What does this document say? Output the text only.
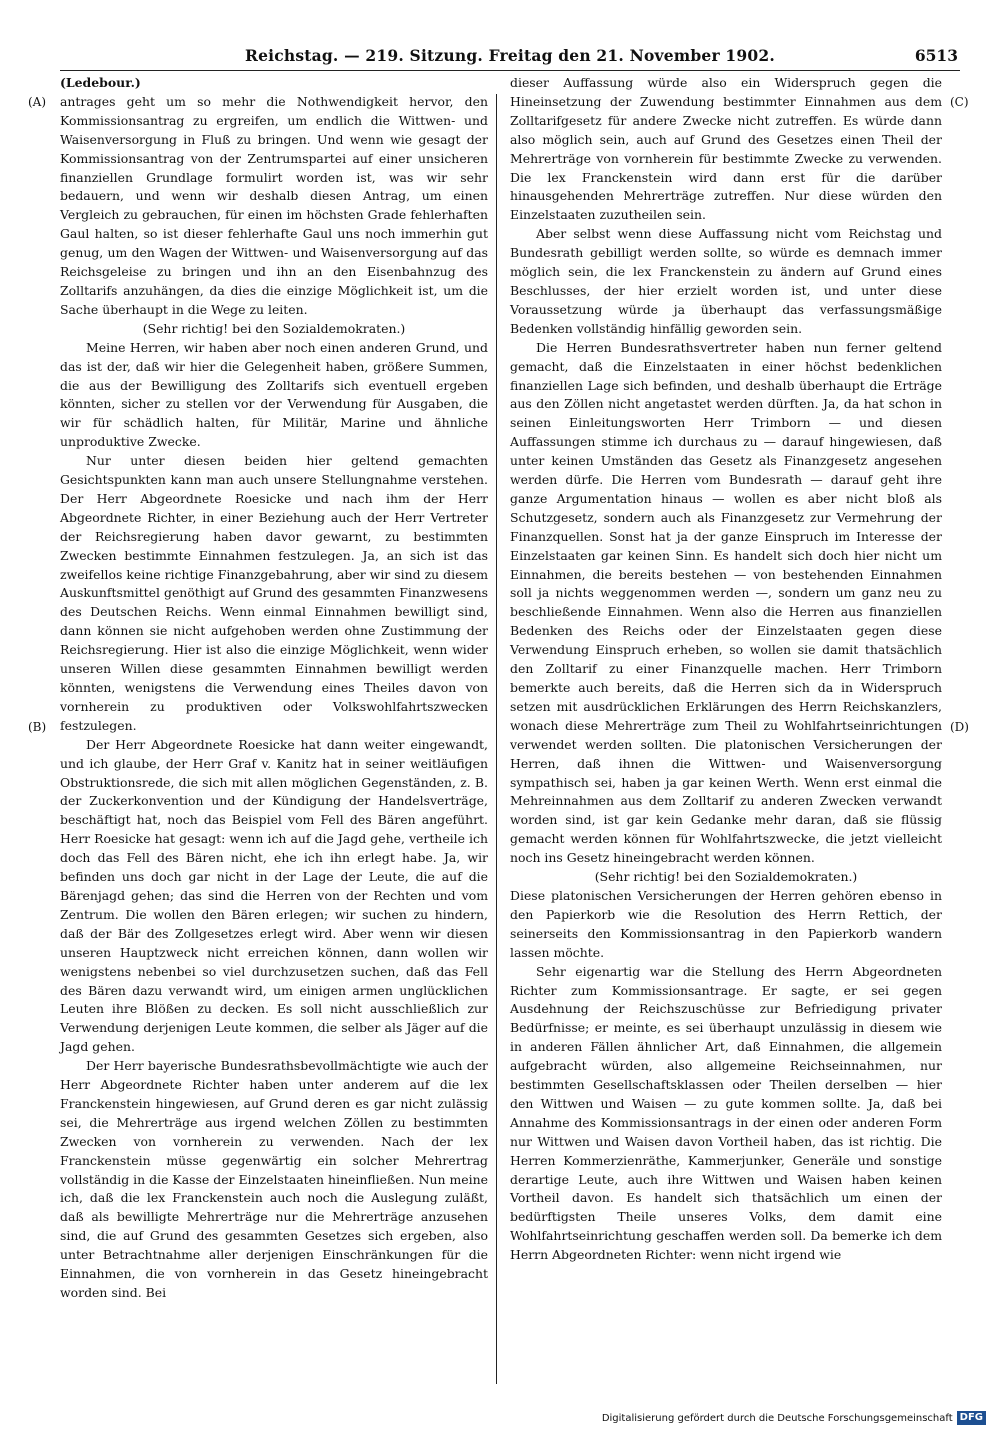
Reichstag. — 219. Sitzung. Freitag den 21. November 1902.	6513
(A)
(B)
(C)
(D)

(Ledebour.)

antrages geht um so mehr die Nothwendigkeit hervor, den Kommissionsantrag zu ergreifen, um endlich die Wittwen- und Waisenversorgung in Fluß zu bringen. Und wenn wie gesagt der Kommissionsantrag von der Zentrumspartei auf einer unsicheren finanziellen Grundlage formulirt worden ist, was wir sehr bedauern, und wenn wir deshalb diesen Antrag, um einen Vergleich zu gebrauchen, für einen im höchsten Grade fehlerhaften Gaul halten, so ist dieser fehlerhafte Gaul uns noch immerhin gut genug, um den Wagen der Wittwen- und Waisenversorgung auf das Reichsgeleise zu bringen und ihn an den Eisenbahnzug des Zolltarifs anzuhängen, da dies die einzige Möglichkeit ist, um die Sache überhaupt in die Wege zu leiten.

(Sehr richtig! bei den Sozialdemokraten.)

Meine Herren, wir haben aber noch einen anderen Grund, und das ist der, daß wir hier die Gelegenheit haben, größere Summen, die aus der Bewilligung des Zolltarifs sich eventuell ergeben könnten, sicher zu stellen vor der Verwendung für Ausgaben, die wir für schädlich halten, für Militär, Marine und ähnliche unproduktive Zwecke.

Nur unter diesen beiden hier geltend gemachten Gesichtspunkten kann man auch unsere Stellungnahme verstehen. Der Herr Abgeordnete Roesicke und nach ihm der Herr Abgeordnete Richter, in einer Beziehung auch der Herr Vertreter der Reichsregierung haben davor gewarnt, zu bestimmten Zwecken bestimmte Einnahmen festzulegen. Ja, an sich ist das zweifellos keine richtige Finanzgebahrung, aber wir sind zu diesem Auskunftsmittel genöthigt auf Grund des gesammten Finanzwesens des Deutschen Reichs. Wenn einmal Einnahmen bewilligt sind, dann können sie nicht aufgehoben werden ohne Zustimmung der Reichsregierung. Hier ist also die einzige Möglichkeit, wenn wider unseren Willen diese gesammten Einnahmen bewilligt werden könnten, wenigstens die Verwendung eines Theiles davon von vornherein zu produktiven oder Volkswohlfahrtszwecken festzulegen.

Der Herr Abgeordnete Roesicke hat dann weiter eingewandt, und ich glaube, der Herr Graf v. Kanitz hat in seiner weitläufigen Obstruktionsrede, die sich mit allen möglichen Gegenständen, z. B. der Zuckerkonvention und der Kündigung der Handelsverträge, beschäftigt hat, noch das Beispiel vom Fell des Bären angeführt. Herr Roesicke hat gesagt: wenn ich auf die Jagd gehe, vertheile ich doch das Fell des Bären nicht, ehe ich ihn erlegt habe. Ja, wir befinden uns doch gar nicht in der Lage der Leute, die auf die Bärenjagd gehen; das sind die Herren von der Rechten und vom Zentrum. Die wollen den Bären erlegen; wir suchen zu hindern, daß der Bär des Zollgesetzes erlegt wird. Aber wenn wir diesen unseren Hauptzweck nicht erreichen können, dann wollen wir wenigstens nebenbei so viel durchzusetzen suchen, daß das Fell des Bären dazu verwandt wird, um einigen armen unglücklichen Leuten ihre Blößen zu decken. Es soll nicht ausschließlich zur Verwendung derjenigen Leute kommen, die selber als Jäger auf die Jagd gehen.

Der Herr bayerische Bundesrathsbevollmächtigte wie auch der Herr Abgeordnete Richter haben unter anderem auf die lex Franckenstein hingewiesen, auf Grund deren es gar nicht zulässig sei, die Mehrerträge aus irgend welchen Zöllen zu bestimmten Zwecken von vornherein zu verwenden. Nach der lex Franckenstein müsse gegenwärtig ein solcher Mehrertrag vollständig in die Kasse der Einzelstaaten hineinfließen. Nun meine ich, daß die lex Franckenstein auch noch die Auslegung zuläßt, daß als bewilligte Mehrerträge nur die Mehrerträge anzusehen sind, die auf Grund des gesammten Gesetzes sich ergeben, also unter Betrachtnahme aller derjenigen Einschränkungen für die Einnahmen, die von vornherein in das Gesetz hineingebracht worden sind. Bei

dieser Auffassung würde also ein Widerspruch gegen die Hineinsetzung der Zuwendung bestimmter Einnahmen aus dem Zolltarifgesetz für andere Zwecke nicht zutreffen. Es würde dann also möglich sein, auch auf Grund des Gesetzes einen Theil der Mehrerträge von vornherein für bestimmte Zwecke zu verwenden. Die lex Franckenstein wird dann erst für die darüber hinausgehenden Mehrerträge zutreffen. Nur diese würden den Einzelstaaten zuzutheilen sein.

Aber selbst wenn diese Auffassung nicht vom Reichstag und Bundesrath gebilligt werden sollte, so würde es demnach immer möglich sein, die lex Franckenstein zu ändern auf Grund eines Beschlusses, der hier erzielt worden ist, und unter diese Voraussetzung würde ja überhaupt das verfassungsmäßige Bedenken vollständig hinfällig geworden sein.

Die Herren Bundesrathsvertreter haben nun ferner geltend gemacht, daß die Einzelstaaten in einer höchst bedenklichen finanziellen Lage sich befinden, und deshalb überhaupt die Erträge aus den Zöllen nicht angetastet werden dürften. Ja, da hat schon in seinen Einleitungsworten Herr Trimborn — und diesen Auffassungen stimme ich durchaus zu — darauf hingewiesen, daß unter keinen Umständen das Gesetz als Finanzgesetz angesehen werden dürfe. Die Herren vom Bundesrath — darauf geht ihre ganze Argumentation hinaus — wollen es aber nicht bloß als Schutzgesetz, sondern auch als Finanzgesetz zur Vermehrung der Finanzquellen. Sonst hat ja der ganze Einspruch im Interesse der Einzelstaaten gar keinen Sinn. Es handelt sich doch hier nicht um Einnahmen, die bereits bestehen — von bestehenden Einnahmen soll ja nichts weggenommen werden —, sondern um ganz neu zu beschließende Einnahmen. Wenn also die Herren aus finanziellen Bedenken des Reichs oder der Einzelstaaten gegen diese Verwendung Einspruch erheben, so wollen sie damit thatsächlich den Zolltarif zu einer Finanzquelle machen. Herr Trimborn bemerkte auch bereits, daß die Herren sich da in Widerspruch setzen mit ausdrücklichen Erklärungen des Herrn Reichskanzlers, wonach diese Mehrerträge zum Theil zu Wohlfahrtseinrichtungen verwendet werden sollten. Die platonischen Versicherungen der Herren, daß ihnen die Wittwen- und Waisenversorgung sympathisch sei, haben ja gar keinen Werth. Wenn erst einmal die Mehreinnahmen aus dem Zolltarif zu anderen Zwecken verwandt worden sind, ist gar kein Gedanke mehr daran, daß sie flüssig gemacht werden können für Wohlfahrtszwecke, die jetzt vielleicht noch ins Gesetz hineingebracht werden können.

(Sehr richtig! bei den Sozialdemokraten.)

Diese platonischen Versicherungen der Herren gehören ebenso in den Papierkorb wie die Resolution des Herrn Rettich, der seinerseits den Kommissionsantrag in den Papierkorb wandern lassen möchte.

Sehr eigenartig war die Stellung des Herrn Abgeordneten Richter zum Kommissionsantrage. Er sagte, er sei gegen Ausdehnung der Reichszuschüsse zur Befriedigung privater Bedürfnisse; er meinte, es sei überhaupt unzulässig in diesem wie in anderen Fällen ähnlicher Art, daß Einnahmen, die allgemein aufgebracht würden, also allgemeine Reichseinnahmen, nur bestimmten Gesellschaftsklassen oder Theilen derselben — hier den Wittwen und Waisen — zu gute kommen sollte. Ja, daß bei Annahme des Kommissionsantrags in der einen oder anderen Form nur Wittwen und Waisen davon Vortheil haben, das ist richtig. Die Herren Kommerzienräthe, Kammerjunker, Generäle und sonstige derartige Leute, auch ihre Wittwen und Waisen haben keinen Vortheil davon. Es handelt sich thatsächlich um einen der bedürftigsten Theile unseres Volks, dem damit eine Wohlfahrtseinrichtung geschaffen werden soll. Da bemerke ich dem Herrn Abgeordneten Richter: wenn nicht irgend wie

Digitalisierung gefördert durch die Deutsche Forschungsgemeinschaft DFG
